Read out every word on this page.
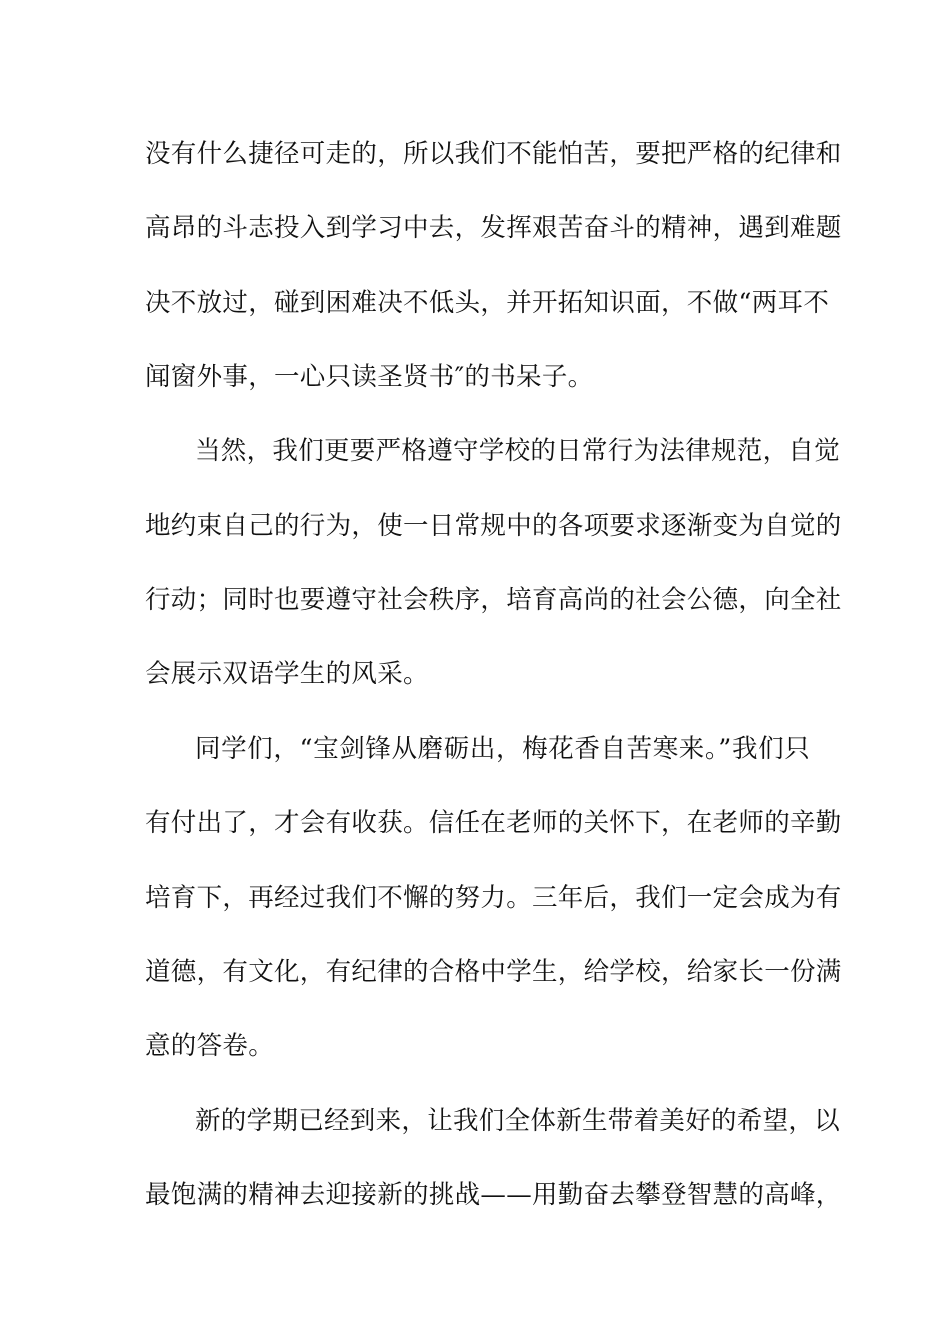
没有什么捷径可走的，所以我们不能怕苦，要把严格的纪律和
高昂的斗志投入到学习中去，发挥艰苦奋斗的精神，遇到难题
决不放过，碰到困难决不低头，并开拓知识面，不做“两耳不
闻窗外事，一心只读圣贤书″的书呆子。
当然，我们更要严格遵守学校的日常行为法律规范，自觉
地约束自己的行为，使一日常规中的各项要求逐渐变为自觉的
行动；同时也要遵守社会秩序，培育高尚的社会公德，向全社
会展示双语学生的风采。
同学们，“宝剑锋从磨砺出，梅花香自苦寒来。”我们只
有付出了，才会有收获。信任在老师的关怀下，在老师的辛勤
培育下，再经过我们不懈的努力。三年后，我们一定会成为有
道德，有文化，有纪律的合格中学生，给学校，给家长一份满
意的答卷。
新的学期已经到来，让我们全体新生带着美好的希望，以
最饱满的精神去迎接新的挑战——用勤奋去攀登智慧的高峰，
